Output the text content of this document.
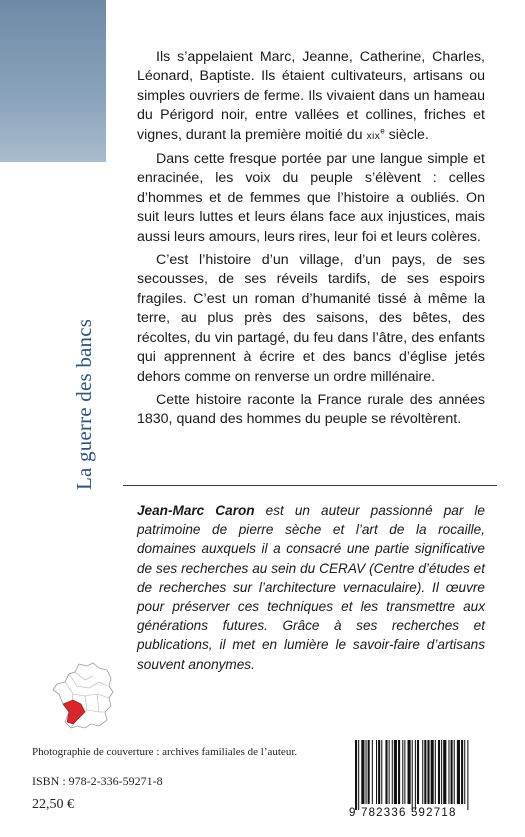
La guerre des bancs

Ils s’appelaient Marc, Jeanne, Catherine, Charles, Léonard, Baptiste. Ils étaient cultivateurs, artisans ou simples ouvriers de ferme. Ils vivaient dans un hameau du Périgord noir, entre vallées et collines, friches et vignes, durant la première moitié du xix$^e$ siècle.

Dans cette fresque portée par une langue simple et enracinée, les voix du peuple s’élèvent : celles d’hommes et de femmes que l’histoire a oubliés. On suit leurs luttes et leurs élans face aux injustices, mais aussi leurs amours, leurs rires, leur foi et leurs colères.

C’est l’histoire d’un village, d’un pays, de ses secousses, de ses réveils tardifs, de ses espoirs fragiles. C’est un roman d’humanité tissé à même la terre, au plus près des saisons, des bêtes, des récoltes, du vin partagé, du feu dans l’âtre, des enfants qui apprennent à écrire et des bancs d’église jetés dehors comme on renverse un ordre millénaire.

Cette histoire raconte la France rurale des années 1830, quand des hommes du peuple se révoltèrent.

Jean-Marc Caron est un auteur passionné par le patrimoine de pierre sèche et l’art de la rocaille, domaines auxquels il a consacré une partie significative de ses recherches au sein du CERAV (Centre d’études et de recherches sur l’architecture vernaculaire). Il œuvre pour préserver ces techniques et les transmettre aux générations futures. Grâce à ses recherches et publications, il met en lumière le savoir-faire d’artisans souvent anonymes.
Photographie de couverture : archives familiales de l’auteur.
ISBN : 978-2-336-59271-8
22,50 €
9 782336 592718
